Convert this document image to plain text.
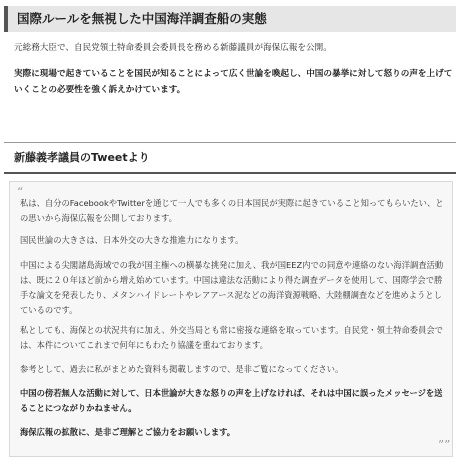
国際ルールを無視した中国海洋調査船の実態
元総務大臣で、自民党領土特命委員会委員長を務める新藤議員が海保広報を公開。
実際に現場で起きていることを国民が知ることによって広く世論を喚起し、中国の暴挙に対して怒りの声を上げていくことの必要性を強く訴えかけています。
新藤義孝議員のTweetより
“
私は、自分のFacebookやTwitterを通じて一人でも多くの日本国民が実際に起きていること知ってもらいたい、との思いから海保広報を公開しております。
国民世論の大きさは、日本外交の大きな推進力になります。
中国による尖閣諸島海域での我が国主権への横暴な挑発に加え、我が国EEZ内での同意や連絡のない海洋調査活動は、既に２０年ほど前から増え始めています。中国は違法な活動により得た調査データを使用して、国際学会で勝手な論文を発表したり、メタンハイドレートやレアアース泥などの海洋資源戦略、大陸棚調査などを進めようとしているのです。
私としても、海保との状況共有に加え、外交当局とも常に密接な連絡を取っています。自民党・領土特命委員会では、本件についてこれまで何年にもわたり協議を重ねております。
参考として、過去に私がまとめた資料も掲載しますので、是非ご覧になってください。
中国の傍若無人な活動に対して、日本世論が大きな怒りの声を上げなければ、それは中国に誤ったメッセージを送ることにつながりかねません。
海保広報の拡散に、是非ご理解とご協力をお願いします。
””
